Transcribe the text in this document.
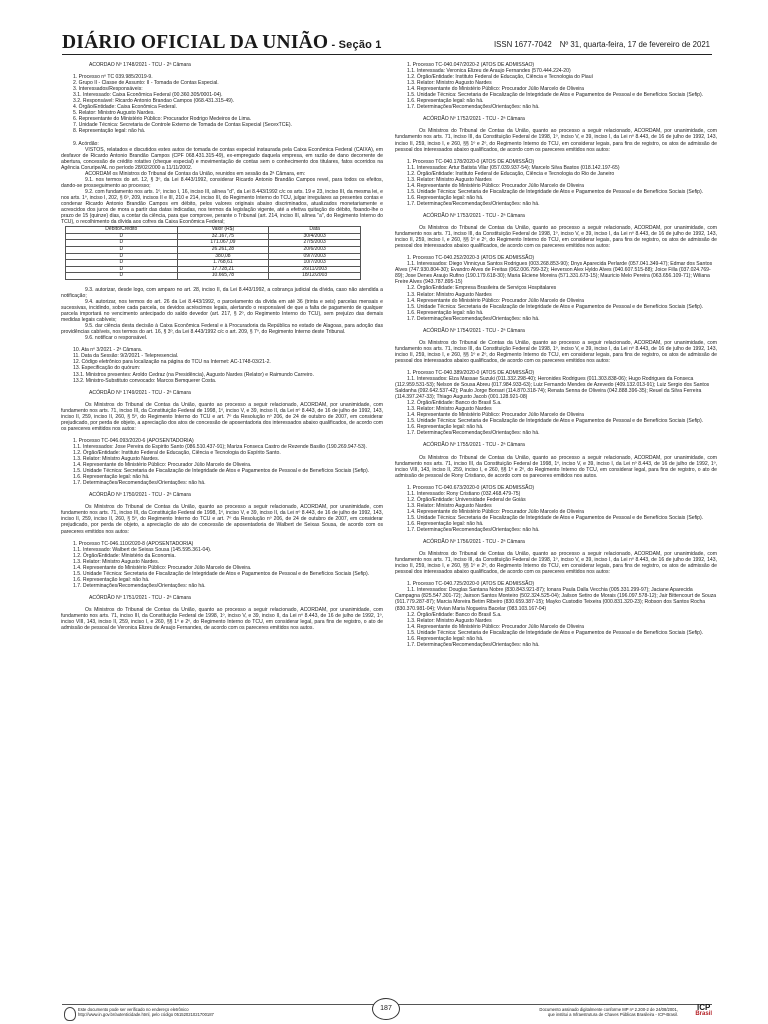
DIÁRIO OFICIAL DA UNIÃO - Seção 1	ISSN 1677-7042 Nº 31, quarta-feira, 17 de fevereiro de 2021

ACÓRDÃO Nº 1748/2021 - TCU - 2ª Câmara

1. Processo nº TC 039.985/2019-9.

2. Grupo II - Classe de Assunto: II - Tomada de Contas Especial.

3. Interessados/Responsáveis:

3.1. Interessado: Caixa Econômica Federal (00.360.305/0001-04).

3.2. Responsável: Ricardo Antonio Brandao Campos (068.431.315-49).

4. Órgão/Entidade: Caixa Econômica Federal.

5. Relator: Ministro Augusto Nardes.

6. Representante do Ministério Público: Procurador Rodrigo Medeiros de Lima.

7. Unidade Técnica: Secretaria de Controle Externo de Tomada de Contas Especial (SecexTCE).

8. Representação legal: não há.

9. Acórdão:

VISTOS, relatados e discutidos estes autos de tomada de contas especial instaurada pela Caixa Econômica Federal (CAIXA), em desfavor de Ricardo Antonio Brandão Campos (CPF 068.431.315-49), ex-empregado daquela empresa, em razão de dano decorrente de abertura, concessão de crédito rotativo (cheque especial) e movimentação de contas sem o conhecimento dos titulares, fatos ocorridos na Agência Coruripe/AL no período 28/02/2000 a 11/11/2002.

ACORDAM os Ministros do Tribunal de Contas da União, reunidos em sessão da 2ª Câmara, em:

9.1. nos termos do art. 12, § 3º, da Lei 8.443/1992, considerar Ricardo Antonio Brandão Campos revel, para todos os efeitos, dando-se prosseguimento ao processo;

9.2. com fundamento nos arts. 1º, inciso I, 16, inciso III, alínea "d", da Lei 8.443/1992 c/c os arts. 19 e 23, inciso III, da mesma lei, e nos arts. 1º, inciso I, 202, § 6º, 209, incisos II e III, 210 e 214, inciso III, do Regimento Interno do TCU, julgar irregulares as presentes contas e condenar Ricardo Antonio Brandão Campos em débito, pelos valores originais abaixo discriminados, atualizados monetariamente e acrescidos dos juros de mora a partir das datas indicadas, nos termos da legislação vigente, até a efetiva quitação do débito, fixando-lhe o prazo de 15 (quinze) dias, a contar da ciência, para que comprove, perante o Tribunal (art. 214, inciso III, alínea "a", do Regimento Interno do TCU), o recolhimento da dívida aos cofres da Caixa Econômica Federal;

Débito/Crédito	Valor (R$)	Data
D	32.167,75	30/4/2003
D	171.067,09	27/5/2003
D	26.261,28	20/6/2003
D	380,08	09/7/2003
D	1.768,61	10/7/2003
D	17.728,21	26/11/2003
D	10.665,78	18/12/2003

9.3. autorizar, desde logo, com amparo no art. 28, inciso II, da Lei 8.443/1992, a cobrança judicial da dívida, caso não atendida a notificação;

9.4. autorizar, nos termos do art. 26 da Lei 8.443/1992, o parcelamento da dívida em até 36 (trinta e seis) parcelas mensais e sucessivas, incidindo, sobre cada parcela, os devidos acréscimos legais, alertando o responsável de que a falta de pagamento de qualquer parcela importará no vencimento antecipado do saldo devedor (art. 217, § 2º, do Regimento Interno do TCU), sem prejuízo das demais medidas legais cabíveis;

9.5. dar ciência desta decisão à Caixa Econômica Federal e à Procuradoria da República no estado de Alagoas, para adoção das providências cabíveis, nos termos do art. 16, § 3º, da Lei 8.443/1992 c/c o art. 209, § 7º, do Regimento Interno deste Tribunal.

9.6. notificar o responsável.

10. Ata nº 3/2021 - 2ª Câmara.

11. Data da Sessão: 9/2/2021 - Telepresencial.

12. Código eletrônico para localização na página do TCU na Internet: AC-1748-03/21-2.

13. Especificação do quórum:

13.1. Ministros presentes: Aroldo Cedraz (na Presidência), Augusto Nardes (Relator) e Raimundo Carreiro.

13.2. Ministro-Substituto convocado: Marcos Bemquerer Costa.

ACÓRDÃO Nº 1749/2021 - TCU - 2ª Câmara

Os Ministros do Tribunal de Contas da União, quanto ao processo a seguir relacionado, ACORDAM, por unanimidade, com fundamento nos arts. 71, inciso III, da Constituição Federal de 1998, 1º, inciso V, e 39, inciso II, da Lei nº 8.443, de 16 de julho de 1992, 143, inciso II, 259, inciso II, 260, § 5º, do Regimento Interno do TCU e art. 7º da Resolução nº 206, de 24 de outubro de 2007, em considerar prejudicado, por perda de objeto, a apreciação dos atos de concessão de aposentadoria dos interessados abaixo qualificados, de acordo com os pareceres emitidos nos autos:

1. Processo TC-046.093/2020-6 (APOSENTADORIA)

1.1. Interessados: Jose Pereira do Espirito Santo (086.510.437-91); Mariza Fonseca Castro de Rezende Basilio (190.269.947-53).

1.2. Órgão/Entidade: Instituto Federal de Educação, Ciência e Tecnologia do Espírito Santo.

1.3. Relator: Ministro Augusto Nardes.

1.4. Representante do Ministério Público: Procurador Júlio Marcelo de Oliveira.

1.5. Unidade Técnica: Secretaria de Fiscalização de Integridade de Atos e Pagamentos de Pessoal e de Benefícios Sociais (Sefip).

1.6. Representação legal: não há.

1.7. Determinações/Recomendações/Orientações: não há.

ACÓRDÃO Nº 1750/2021 - TCU - 2ª Câmara

Os Ministros do Tribunal de Contas da União, quanto ao processo a seguir relacionado, ACORDAM, por unanimidade, com fundamento nos arts. 71, inciso III, da Constituição Federal de 1998, 1º, inciso V, e 39, inciso II, da Lei nº 8.443, de 16 de julho de 1992, 143, inciso II, 259, inciso II, 260, § 5º, do Regimento Interno do TCU e art. 7º da Resolução nº 206, de 24 de outubro de 2007, em considerar prejudicado, por perda de objeto, a apreciação do ato de concessão de aposentadoria de Walbert de Seixas Sousa, de acordo com os pareceres emitidos nos autos:

1. Processo TC-046.110/2020-8 (APOSENTADORIA)

1.1. Interessado: Walbert de Seixas Sousa (145.595.361-04).

1.2. Órgão/Entidade: Ministério da Economia.

1.3. Relator: Ministro Augusto Nardes.

1.4. Representante do Ministério Público: Procurador Júlio Marcelo de Oliveira.

1.5. Unidade Técnica: Secretaria de Fiscalização de Integridade de Atos e Pagamentos de Pessoal e de Benefícios Sociais (Sefip).

1.6. Representação legal: não há.

1.7. Determinações/Recomendações/Orientações: não há.

ACÓRDÃO Nº 1751/2021 - TCU - 2ª Câmara

Os Ministros do Tribunal de Contas da União, quanto ao processo a seguir relacionado, ACORDAM, por unanimidade, com fundamento nos arts. 71, inciso III, da Constituição Federal de 1998, 1º, inciso V, e 39, inciso II, da Lei nº 8.443, de 16 de julho de 1992, 1º, inciso VIII, 143, inciso II, 259, inciso I, e 260, §§ 1º e 2º, do Regimento Interno do TCU, em considerar legal, para fins de registro, o ato de admissão de pessoal de Veronica Elizeu de Araujo Fernandes, de acordo com os pareceres emitidos nos autos.

1. Processo TC-040.047/2020-2 (ATOS DE ADMISSÃO)

1.1. Interessada: Veronica Elizeu de Araujo Fernandes (570.444.224-20)

1.2. Órgão/Entidade: Instituto Federal de Educação, Ciência e Tecnologia do Piauí

1.3. Relator: Ministro Augusto Nardes

1.4. Representante do Ministério Público: Procurador Júlio Marcelo de Oliveira

1.5. Unidade Técnica: Secretaria de Fiscalização de Integridade de Atos e Pagamentos de Pessoal e de Benefícios Sociais (Sefip).

1.6. Representação legal: não há.

1.7. Determinações/Recomendações/Orientações: não há.

ACÓRDÃO Nº 1752/2021 - TCU - 2ª Câmara

Os Ministros do Tribunal de Contas da União, quanto ao processo a seguir relacionado, ACORDAM, por unanimidade, com fundamento nos arts. 71, inciso III, da Constituição Federal de 1998, 1º, inciso V, e 39, inciso I, da Lei nº 8.443, de 16 de julho de 1992, 143, inciso II, 259, inciso I, e 260, §§ 1º e 2º, do Regimento Interno do TCU, em considerar legais, para fins de registro, os atos de admissão de pessoal dos interessados abaixo qualificados, de acordo com os pareceres emitidos nos autos:

1. Processo TC-040.178/2020-0 (ATOS DE ADMISSÃO)

1.1. Interessados: Artur Batista Vilar (057.039.937-54); Marcelo Silva Bastos (018.142.197-65)

1.2. Órgão/Entidade: Instituto Federal de Educação, Ciência e Tecnologia do Rio de Janeiro

1.3. Relator: Ministro Augusto Nardes

1.4. Representante do Ministério Público: Procurador Júlio Marcelo de Oliveira

1.5. Unidade Técnica: Secretaria de Fiscalização de Integridade de Atos e Pagamentos de Pessoal e de Benefícios Sociais (Sefip).

1.6. Representação legal: não há.

1.7. Determinações/Recomendações/Orientações: não há.

ACÓRDÃO Nº 1753/2021 - TCU - 2ª Câmara

Os Ministros do Tribunal de Contas da União, quanto ao processo a seguir relacionado, ACORDAM, por unanimidade, com fundamento nos arts. 71, inciso III, da Constituição Federal de 1998, 1º, inciso V, e 39, inciso I, da Lei nº 8.443, de 16 de julho de 1992, 143, inciso II, 259, inciso I, e 260, §§ 1º e 2º, do Regimento Interno do TCU, em considerar legais, para fins de registro, os atos de admissão de pessoal dos interessados abaixo qualificados, de acordo com os pareceres emitidos nos autos:

1. Processo TC-040.252/2020-3 (ATOS DE ADMISSÃO)

1.1. Interessados: Diego Vinnicyus Santos Rodrigues (003.268.853-90); Dnys Aparecida Perlarde (057.041.349-47); Edmar dos Santos Alves (747.930.804-30); Evandro Alves de Freitas (062.006.799-32); Heverson Alex Hyldo Alves (040.607.515-88); Joice Filla (037.024.769-89); Jose Denes Araujo Rufino (190.179.618-30); Maria Elciene Moreira (571.331.673-15); Mauricio Melo Pereira (063.656.109-71); Wiliana Freire Alves (943.787.895-15)

1.2. Órgão/Entidade: Empresa Brasileira de Serviços Hospitalares

1.3. Relator: Ministro Augusto Nardes

1.4. Representante do Ministério Público: Procurador Júlio Marcelo de Oliveira

1.5. Unidade Técnica: Secretaria de Fiscalização de Integridade de Atos e Pagamentos de Pessoal e de Benefícios Sociais (Sefip).

1.6. Representação legal: não há.

1.7. Determinações/Recomendações/Orientações: não há.

ACÓRDÃO Nº 1754/2021 - TCU - 2ª Câmara

Os Ministros do Tribunal de Contas da União, quanto ao processo a seguir relacionado, ACORDAM, por unanimidade, com fundamento nos arts. 71, inciso III, da Constituição Federal de 1998, 1º, inciso V, e 39, inciso I, da Lei nº 8.443, de 16 de julho de 1992, 143, inciso II, 259, inciso I, e 260, §§ 1º e 2º, do Regimento Interno do TCU, em considerar legais, para fins de registro, os atos de admissão de pessoal dos interessados abaixo qualificados, de acordo com os pareceres emitidos nos autos:

1. Processo TC-040.389/2020-0 (ATOS DE ADMISSÃO)

1.1. Interessados: Elza Massae Suzuki (011.332.298-40); Heronides Rodrigues (011.303.838-06); Hugo Rodrigues da Fonseca (112.959.531-53); Nelson de Sousa Abreu (017.984.933-63); Luiz Fernando Mendes de Azevedo (409.132.013-91); Luiz Sergio dos Santos Saldanha (092.642.537-42); Paulo Jorge Borsari (114.870.318-74); Renata Senna de Oliveira (042.888.396-35); Reuel da Silva Ferreira (114.397.247-33); Thiago Augusto Jacob (001.128.921-08)

1.2. Órgão/Entidade: Banco do Brasil S.a.

1.3. Relator: Ministro Augusto Nardes

1.4. Representante do Ministério Público: Procurador Júlio Marcelo de Oliveira

1.5. Unidade Técnica: Secretaria de Fiscalização de Integridade de Atos e Pagamentos de Pessoal e de Benefícios Sociais (Sefip).

1.6. Representação legal: não há.

1.7. Determinações/Recomendações/Orientações: não há.

ACÓRDÃO Nº 1755/2021 - TCU - 2ª Câmara

Os Ministros do Tribunal de Contas da União, quanto ao processo a seguir relacionado, ACORDAM, por unanimidade, com fundamento nos arts. 71, inciso III, da Constituição Federal de 1998, 1º, inciso V, e 39, inciso I, da Lei nº 8.443, de 16 de julho de 1992, 1º, inciso VIII, 143, inciso II, 259, inciso I, e 260, §§ 1º e 2º, do Regimento Interno do TCU, em considerar legal, para fins de registro, o ato de admissão de pessoal de Rony Cristiano, de acordo com os pareceres emitidos nos autos.

1. Processo TC-040.673/2020-0 (ATOS DE ADMISSÃO)

1.1. Interessado: Rony Cristiano (032.468.479-75)

1.2. Órgão/Entidade: Universidade Federal de Goiás

1.3. Relator: Ministro Augusto Nardes

1.4. Representante do Ministério Público: Procurador Júlio Marcelo de Oliveira

1.5. Unidade Técnica: Secretaria de Fiscalização de Integridade de Atos e Pagamentos de Pessoal e de Benefícios Sociais (Sefip).

1.6. Representação legal: não há.

1.7. Determinações/Recomendações/Orientações: não há.

ACÓRDÃO Nº 1756/2021 - TCU - 2ª Câmara

Os Ministros do Tribunal de Contas da União, quanto ao processo a seguir relacionado, ACORDAM, por unanimidade, com fundamento nos arts. 71, inciso III, da Constituição Federal de 1998, 1º, inciso V, e 39, inciso I, da Lei nº 8.443, de 16 de julho de 1992, 143, inciso II, 259, inciso I, e 260, §§ 1º e 2º, do Regimento Interno do TCU, em considerar legais, para fins de registro, os atos de admissão de pessoal dos interessados abaixo qualificados, de acordo com os pareceres emitidos nos autos:

1. Processo TC-040.725/2020-0 (ATOS DE ADMISSÃO)

1.1. Interessados: Douglas Santana Nobre (830.843.921-87); Ionara Paula Dalla Vecchia (005.331.299-97); Jaciane Aparecida Campagna (825.547.301-72); Jairson Santos Monteiro (502.324.525-04); Jailson Setiro de Morais (196.097.578-12); Jair Bittencourt de Souza (911.779.287-87); Marcia Moreira Betim Ribeiro (830.659.387-15); Mayko Custodio Teixeira (000.831.320-23); Robson dos Santos Rocha (830.370.981-04); Vivian Maria Nogueira Bacelar (083.103.167-04)

1.2. Órgão/Entidade: Banco do Brasil S.a.

1.3. Relator: Ministro Augusto Nardes

1.4. Representante do Ministério Público: Procurador Júlio Marcelo de Oliveira

1.5. Unidade Técnica: Secretaria de Fiscalização de Integridade de Atos e Pagamentos de Pessoal e de Benefícios Sociais (Sefip).

1.6. Representação legal: não há.

1.7. Determinações/Recomendações/Orientações: não há.

Este documento pode ser verificado no endereço eletrônico
http://www.in.gov.br/autenticidade.html, pelo código 05152021021700187
187	Documento assinado digitalmente conforme MP nº 2.200-2 de 24/08/2001,
que institui a Infraestrutura de Chaves Públicas Brasileira - ICP-Brasil.
ICP
Brasil
